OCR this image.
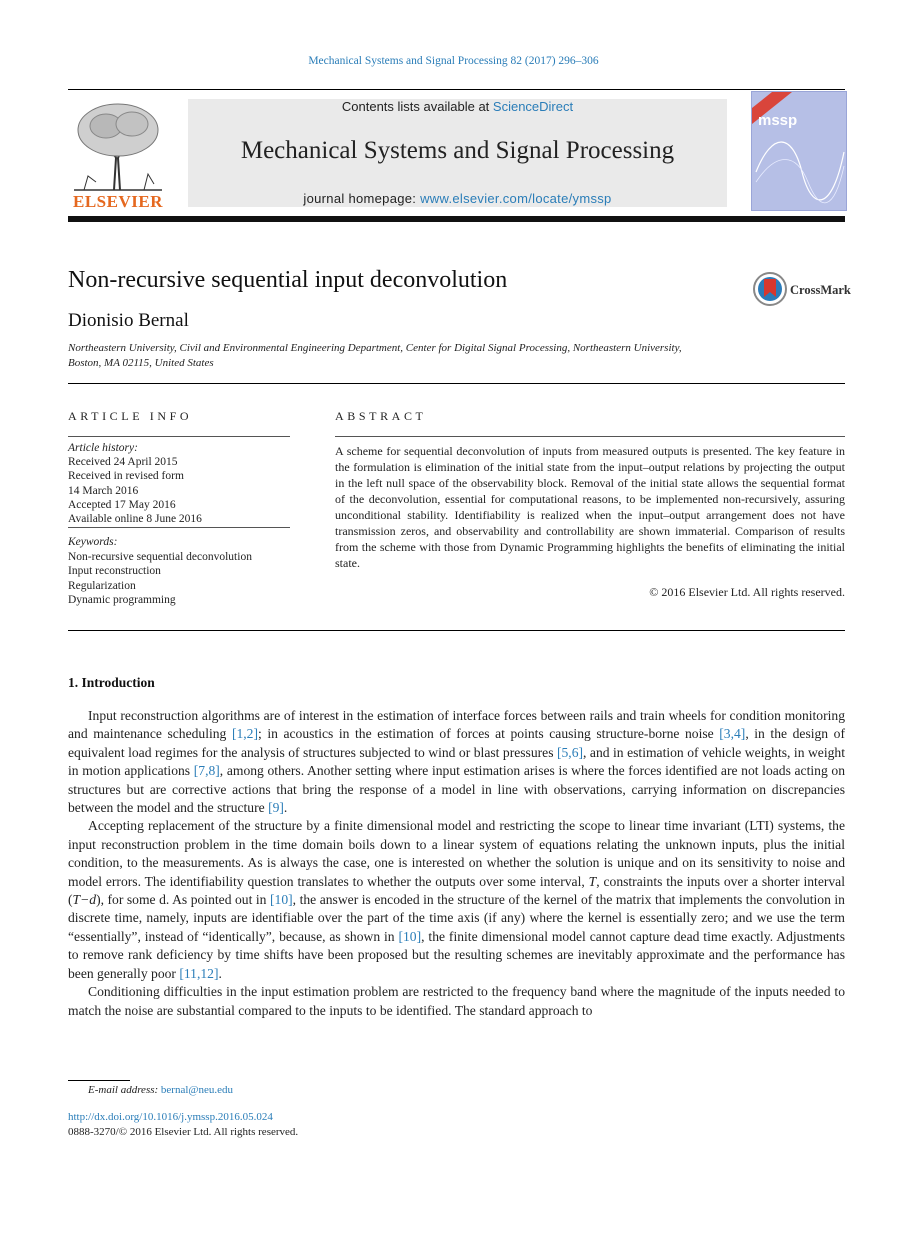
Mechanical Systems and Signal Processing 82 (2017) 296–306
ELSEVIER
Contents lists available at ScienceDirect
Mechanical Systems and Signal Processing
journal homepage: www.elsevier.com/locate/ymssp
mssp
Non-recursive sequential input deconvolution	CrossMark
Dionisio Bernal
Northeastern University, Civil and Environmental Engineering Department, Center for Digital Signal Processing, Northeastern University,
Boston, MA 02115, United States
ARTICLE INFO
Article history:
Received 24 April 2015
Received in revised form
14 March 2016
Accepted 17 May 2016
Available online 8 June 2016
Keywords:
Non-recursive sequential deconvolution
Input reconstruction
Regularization
Dynamic programming
ABSTRACT
A scheme for sequential deconvolution of inputs from measured outputs is presented. The key feature in the formulation is elimination of the initial state from the input–output relations by projecting the output in the left null space of the observability block. Removal of the initial state allows the sequential format of the deconvolution, essential for computational reasons, to be implemented non-recursively, assuring unconditional stability. Identifiability is realized when the input–output arrangement does not have transmission zeros, and observability and controllability are shown immaterial. Comparison of results from the scheme with those from Dynamic Programming highlights the benefits of eliminating the initial state.
© 2016 Elsevier Ltd. All rights reserved.
1. Introduction

Input reconstruction algorithms are of interest in the estimation of interface forces between rails and train wheels for condition monitoring and maintenance scheduling [1,2]; in acoustics in the estimation of forces at points causing structure-borne noise [3,4], in the design of equivalent load regimes for the analysis of structures subjected to wind or blast pressures [5,6], and in estimation of vehicle weights, in weight in motion applications [7,8], among others. Another setting where input estimation arises is where the forces identified are not loads acting on structures but are corrective actions that bring the response of a model in line with observations, carrying information on discrepancies between the model and the structure [9].

Accepting replacement of the structure by a finite dimensional model and restricting the scope to linear time invariant (LTI) systems, the input reconstruction problem in the time domain boils down to a linear system of equations relating the unknown inputs, plus the initial condition, to the measurements. As is always the case, one is interested on whether the solution is unique and on its sensitivity to noise and model errors. The identifiability question translates to whether the outputs over some interval, T, constraints the inputs over a shorter interval (T−d), for some d. As pointed out in [10], the answer is encoded in the structure of the kernel of the matrix that implements the convolution in discrete time, namely, inputs are identifiable over the part of the time axis (if any) where the kernel is essentially zero; and we use the term “essentially”, instead of “identically”, because, as shown in [10], the finite dimensional model cannot capture dead time exactly. Adjustments to remove rank deficiency by time shifts have been proposed but the resulting schemes are inevitably approximate and the performance has been generally poor [11,12].

Conditioning difficulties in the input estimation problem are restricted to the frequency band where the magnitude of the inputs needed to match the noise are substantial compared to the inputs to be identified. The standard approach to

E-mail address: bernal@neu.edu
http://dx.doi.org/10.1016/j.ymssp.2016.05.024
0888-3270/© 2016 Elsevier Ltd. All rights reserved.
